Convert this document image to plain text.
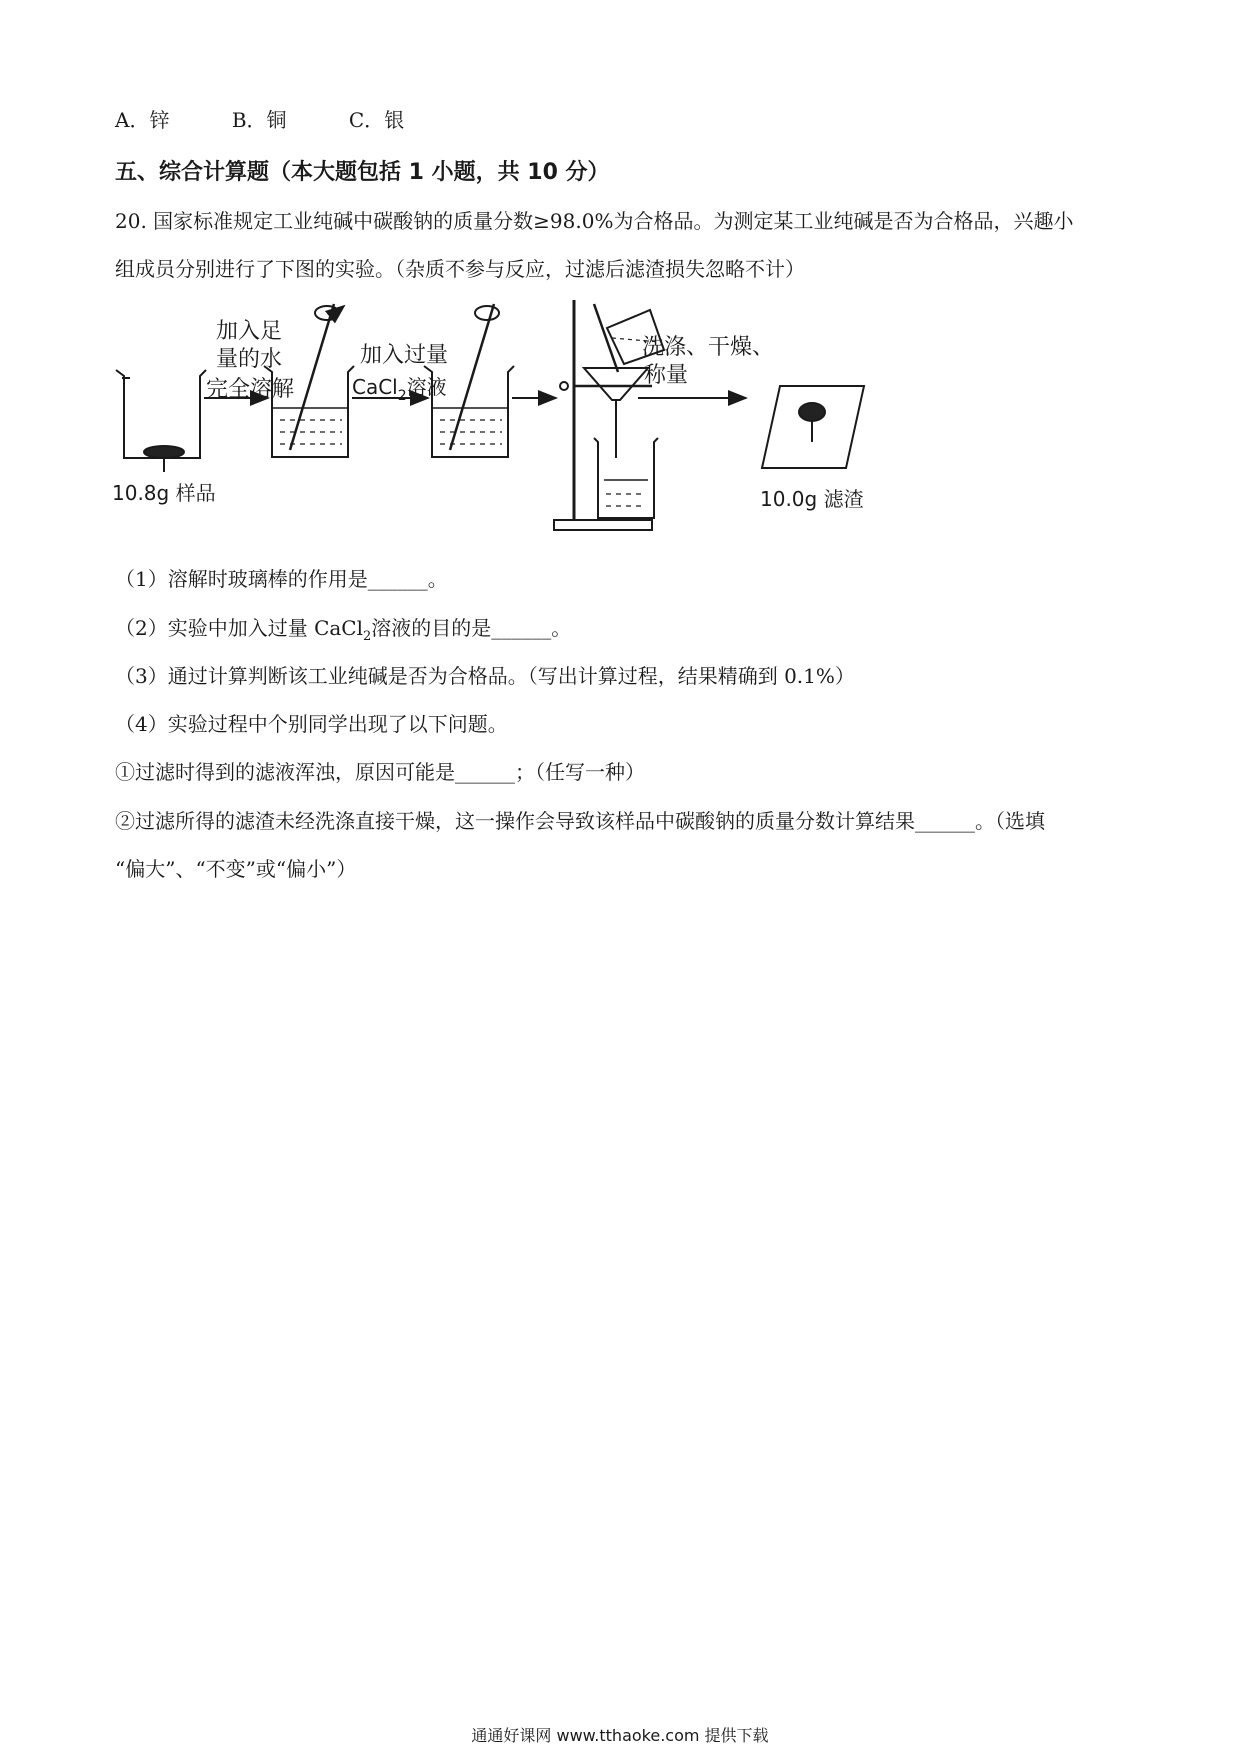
A．锌	B．铜	C．银
五、综合计算题（本大题包括 1 小题，共 10 分）
20. 国家标准规定工业纯碱中碳酸钠的质量分数≥98.0%为合格品。为测定某工业纯碱是否为合格品，兴趣小
组成员分别进行了下图的实验。（杂质不参与反应，过滤后滤渣损失忽略不计）
加入足
量的水
完全溶解
加入过量
CaCl$_2$溶液
洗涤、干燥、
称量
10.8g 样品	10.0g 滤渣
（1）溶解时玻璃棒的作用是______。
（2）实验中加入过量 CaCl$_2$溶液的目的是______。
（3）通过计算判断该工业纯碱是否为合格品。（写出计算过程，结果精确到 0.1%）
（4）实验过程中个别同学出现了以下问题。
①过滤时得到的滤液浑浊，原因可能是______；（任写一种）
②过滤所得的滤渣未经洗涤直接干燥，这一操作会导致该样品中碳酸钠的质量分数计算结果______。（选填
“偏大”、“不变”或“偏小”）
通通好课网 www.tthaoke.com 提供下载
